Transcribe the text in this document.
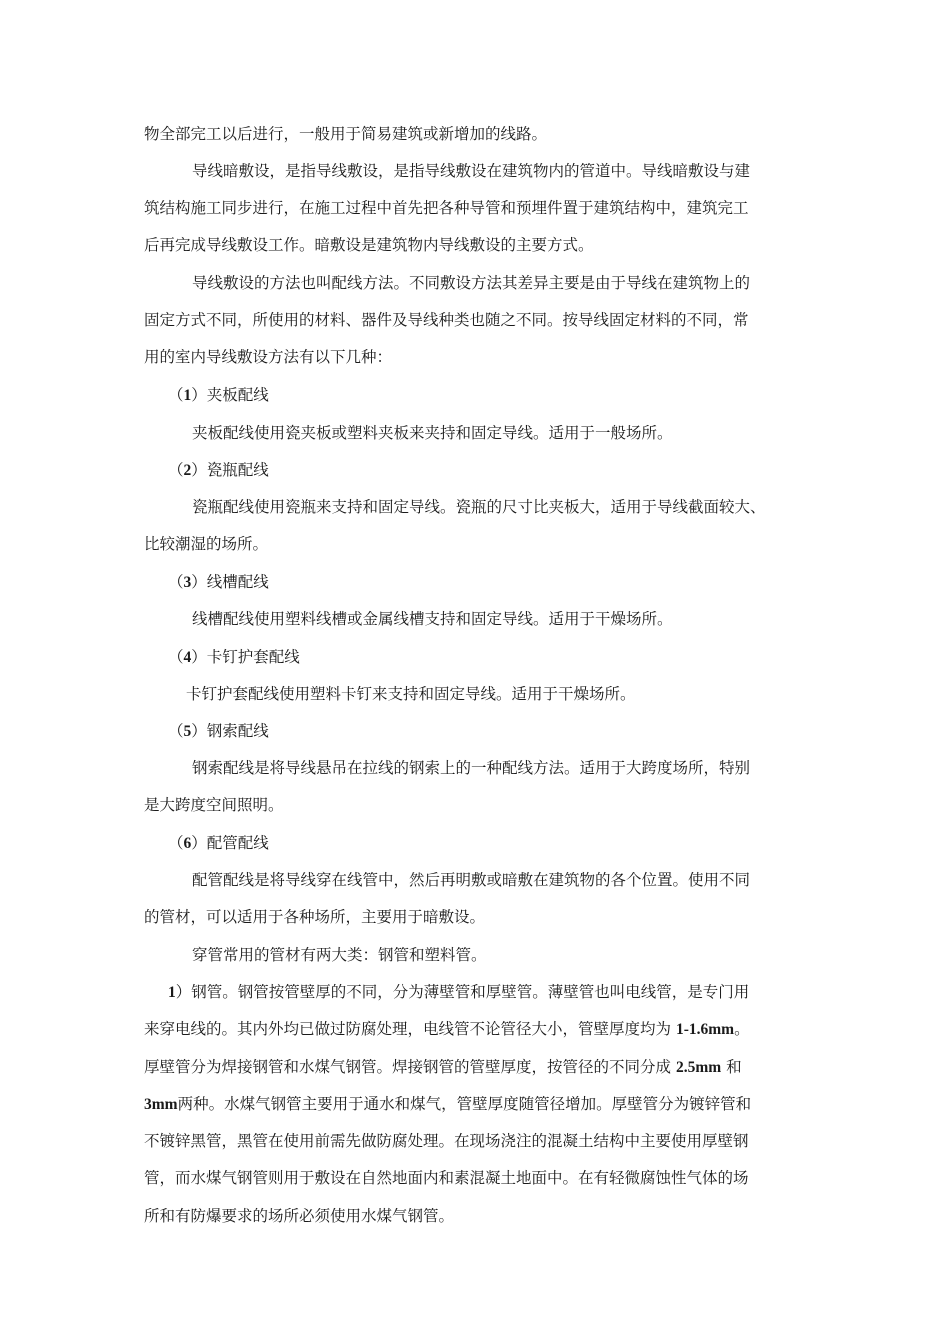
物全部完工以后进行，一般用于简易建筑或新增加的线路。
导线暗敷设，是指导线敷设，是指导线敷设在建筑物内的管道中。导线暗敷设与建
筑结构施工同步进行，在施工过程中首先把各种导管和预埋件置于建筑结构中，建筑完工
后再完成导线敷设工作。暗敷设是建筑物内导线敷设的主要方式。
导线敷设的方法也叫配线方法。不同敷设方法其差异主要是由于导线在建筑物上的
固定方式不同，所使用的材料、器件及导线种类也随之不同。按导线固定材料的不同，常
用的室内导线敷设方法有以下几种：
（1）夹板配线
夹板配线使用瓷夹板或塑料夹板来夹持和固定导线。适用于一般场所。
（2）瓷瓶配线
瓷瓶配线使用瓷瓶来支持和固定导线。瓷瓶的尺寸比夹板大，适用于导线截面较大、
比较潮湿的场所。
（3）线槽配线
线槽配线使用塑料线槽或金属线槽支持和固定导线。适用于干燥场所。
（4）卡钉护套配线
卡钉护套配线使用塑料卡钉来支持和固定导线。适用于干燥场所。
（5）钢索配线
钢索配线是将导线悬吊在拉线的钢索上的一种配线方法。适用于大跨度场所，特别
是大跨度空间照明。
（6）配管配线
配管配线是将导线穿在线管中，然后再明敷或暗敷在建筑物的各个位置。使用不同
的管材，可以适用于各种场所，主要用于暗敷设。
穿管常用的管材有两大类：钢管和塑料管。
1）钢管。钢管按管壁厚的不同，分为薄壁管和厚壁管。薄壁管也叫电线管，是专门用
来穿电线的。其内外均已做过防腐处理，电线管不论管径大小，管壁厚度均为 1-1.6mm。
厚壁管分为焊接钢管和水煤气钢管。焊接钢管的管壁厚度，按管径的不同分成 2.5mm 和
3mm两种。水煤气钢管主要用于通水和煤气，管壁厚度随管径增加。厚壁管分为镀锌管和
不镀锌黑管，黑管在使用前需先做防腐处理。在现场浇注的混凝土结构中主要使用厚壁钢
管，而水煤气钢管则用于敷设在自然地面内和素混凝土地面中。在有轻微腐蚀性气体的场
所和有防爆要求的场所必须使用水煤气钢管。
